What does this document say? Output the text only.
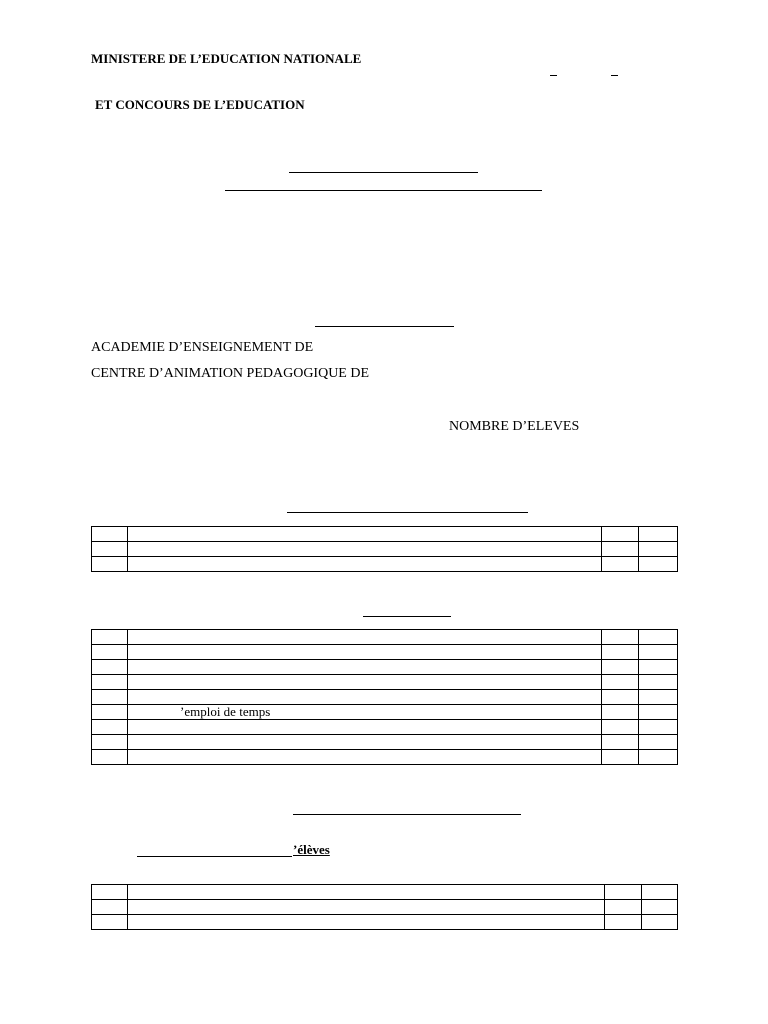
MINISTERE DE L’EDUCATION NATIONALE
ET CONCOURS DE L’EDUCATION
ACADEMIE D’ENSEIGNEMENT DE
CENTRE D’ANIMATION PEDAGOGIQUE DE
NOMBRE D’ELEVES

	’emploi de temps		

’élèves
